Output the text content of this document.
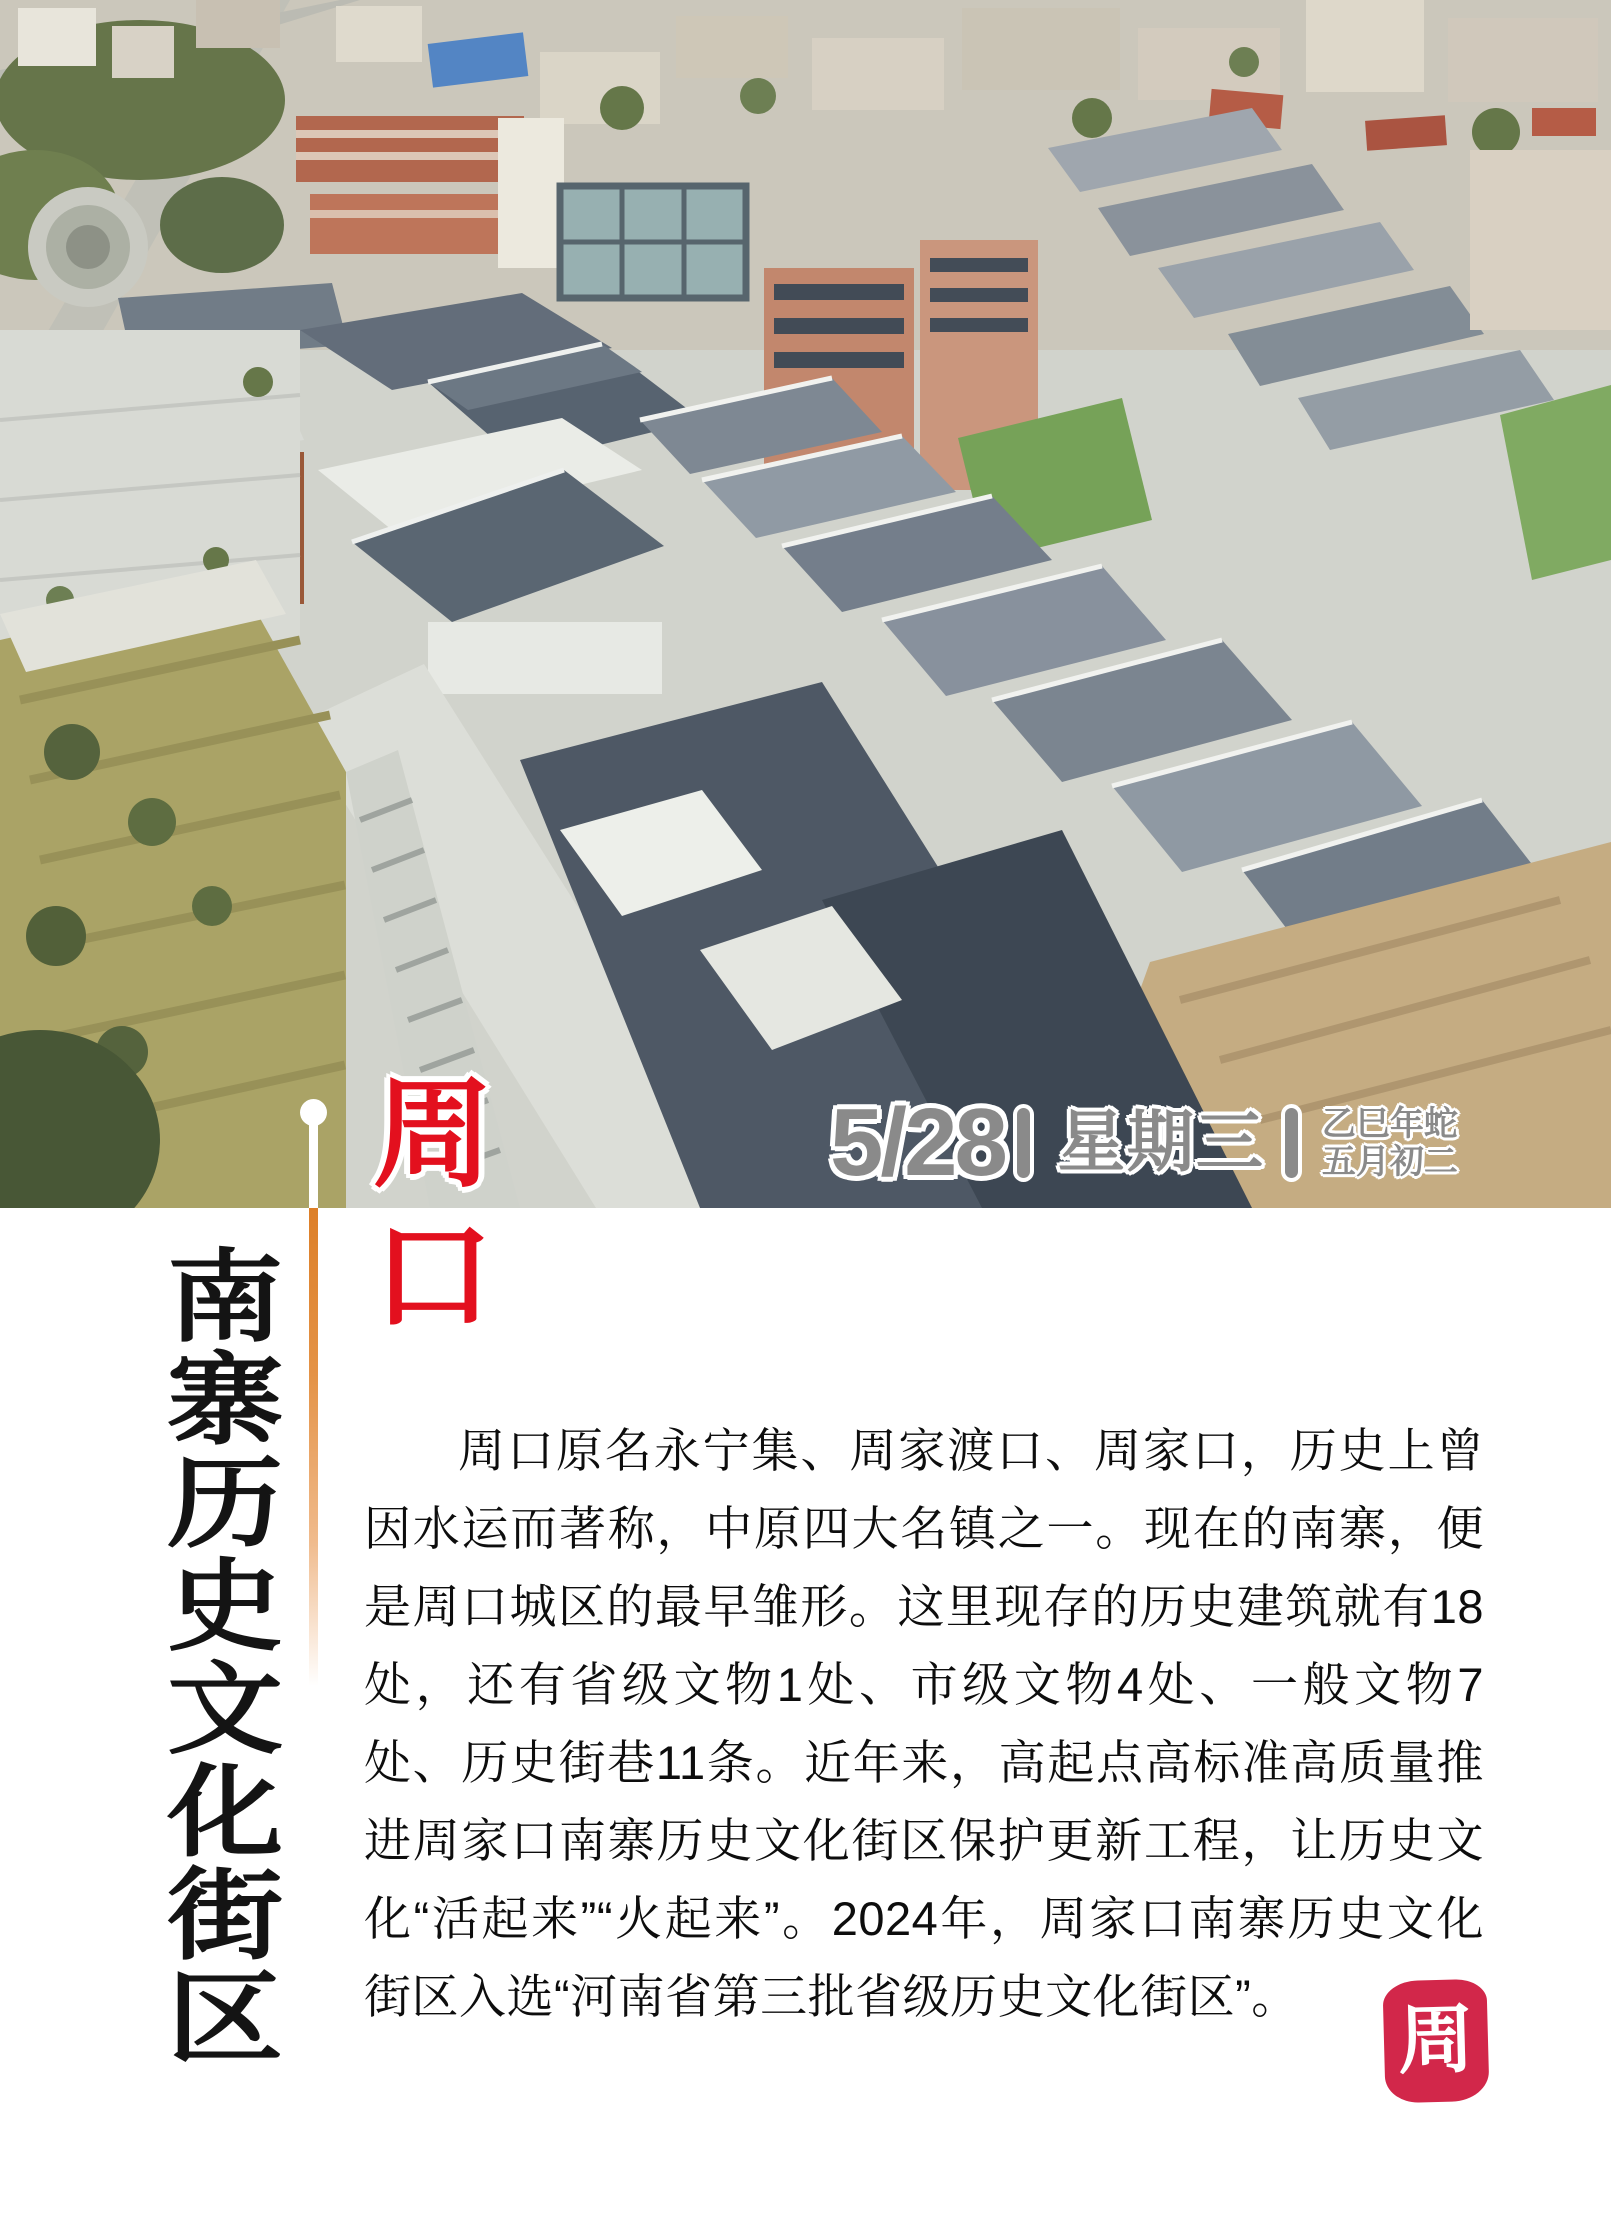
5/28 星期三 乙巳年蛇
五月初二
周口
南寨历史文化街区	周口原名永宁集、周家渡口、周家口，历史上曾因水运而著称，中原四大名镇之一。现在的南寨，便是周口城区的最早雏形。这里现存的历史建筑就有18处，还有省级文物1处、市级文物4处、一般文物7处、历史街巷11条。近年来，高起点高标准高质量推进周家口南寨历史文化街区保护更新工程，让历史文化“活起来”“火起来”。2024年，周家口南寨历史文化街区入选“河南省第三批省级历史文化街区”。
周
